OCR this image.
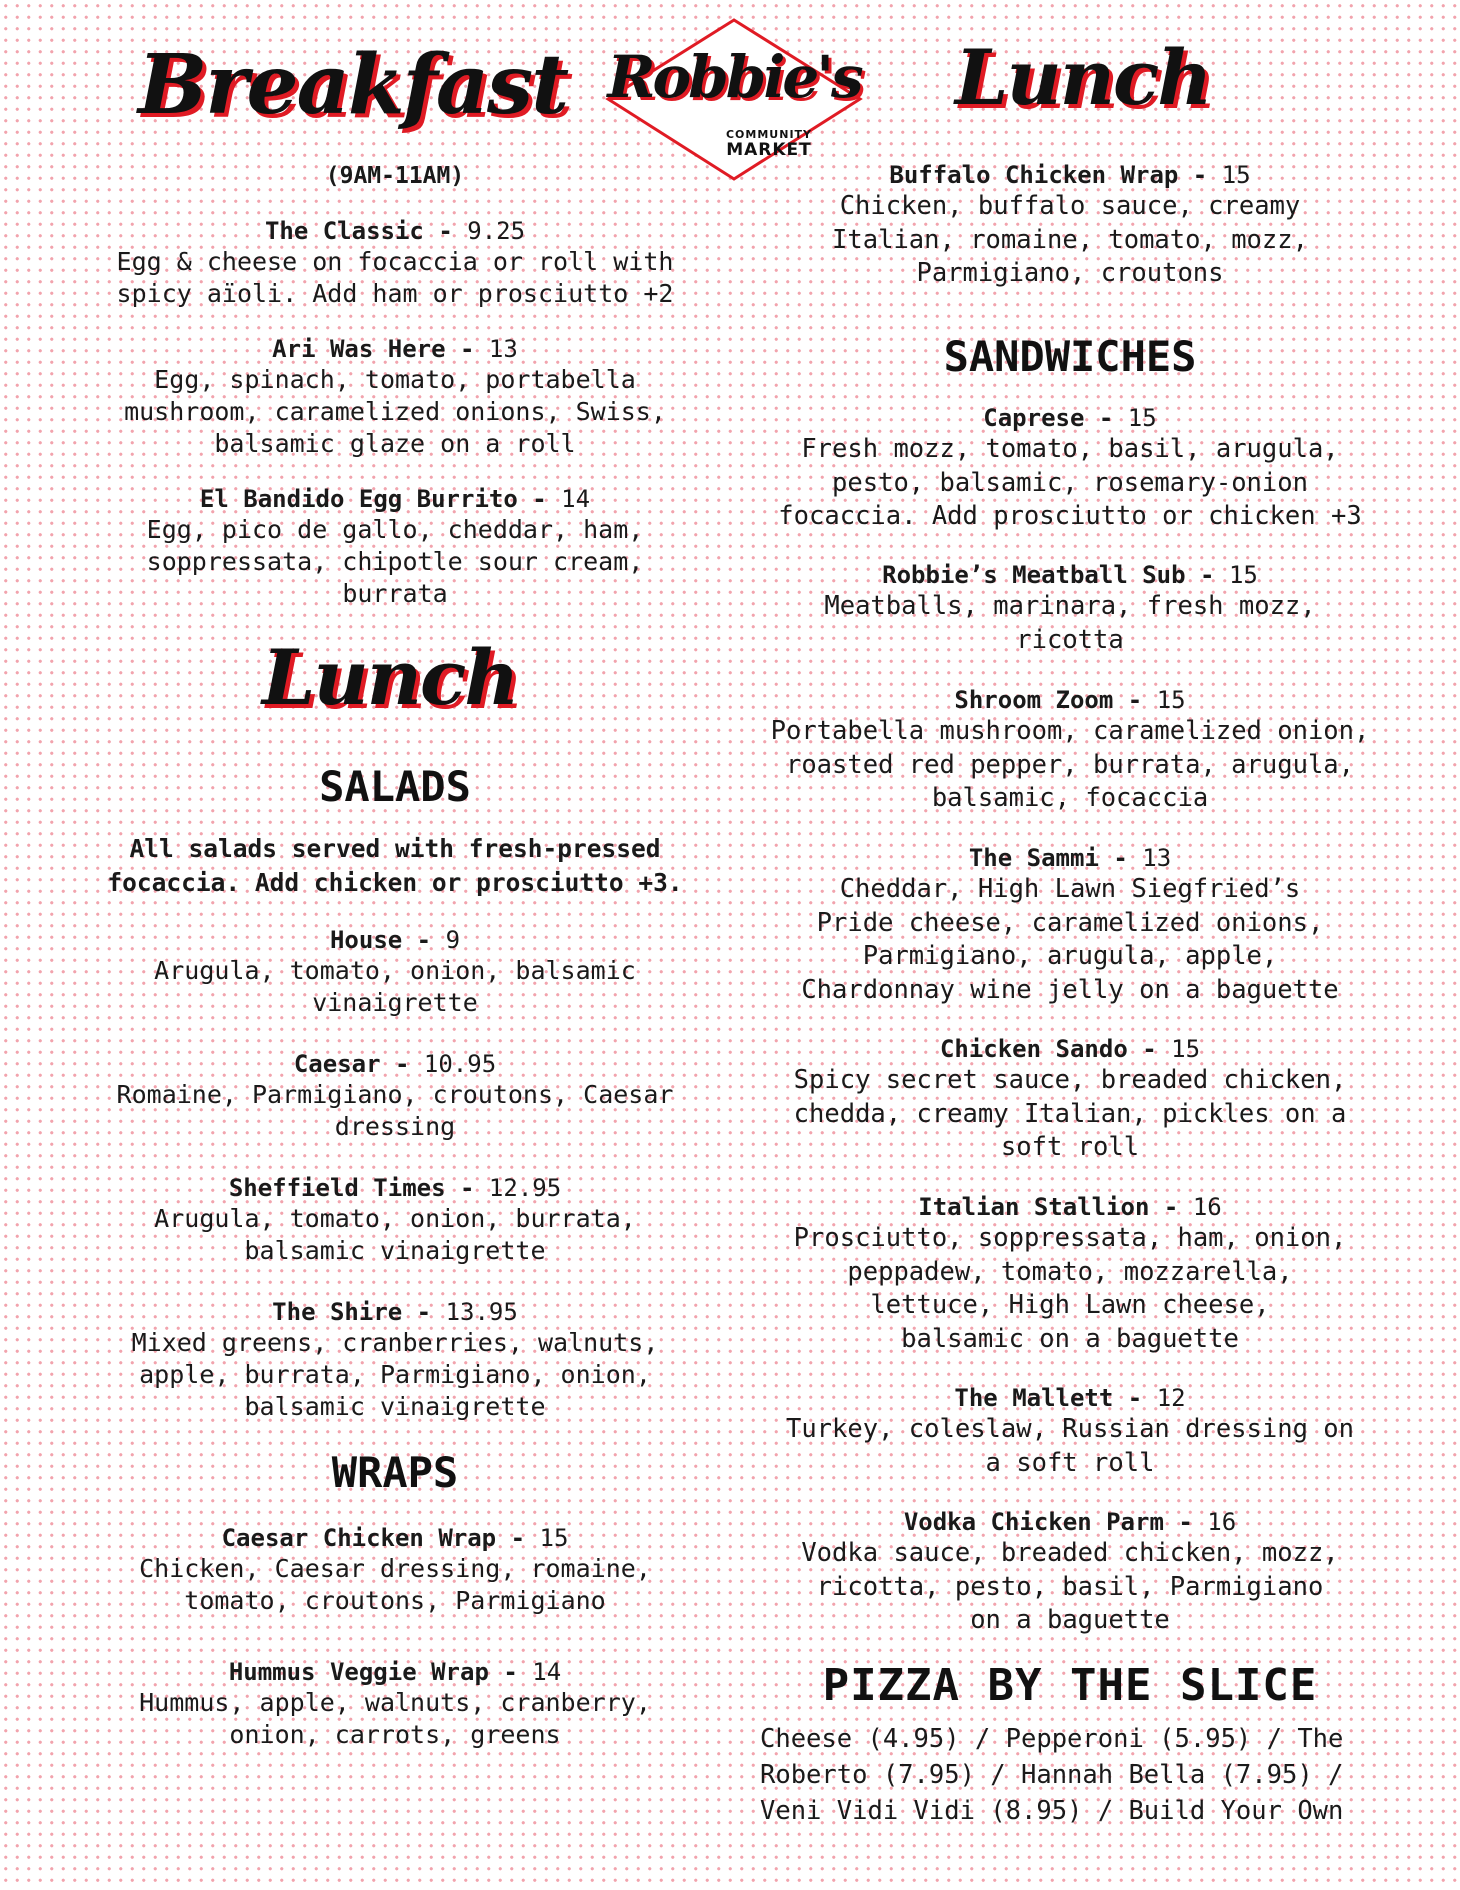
Breakfast	Lunch
Lunch
Robbie's
COMMUNITY
MARKET
(9AM-11AM)
SALADS
All salads served with fresh-pressed
focaccia. Add chicken or prosciutto +3.
WRAPS
SANDWICHES
PIZZA BY THE SLICE
Cheese (4.95) / Pepperoni (5.95) / The
Roberto (7.95) / Hannah Bella (7.95) /
Veni Vidi Vidi (8.95) / Build Your Own
The Classic - 9.25
Egg & cheese on focaccia or roll with
spicy aïoli. Add ham or prosciutto +2
Ari Was Here - 13
Egg, spinach, tomato, portabella
mushroom, caramelized onions, Swiss,
balsamic glaze on a roll
El Bandido Egg Burrito - 14
Egg, pico de gallo, cheddar, ham,
soppressata, chipotle sour cream,
burrata
House - 9
Arugula, tomato, onion, balsamic
vinaigrette
Caesar - 10.95
Romaine, Parmigiano, croutons, Caesar
dressing
Sheffield Times - 12.95
Arugula, tomato, onion, burrata,
balsamic vinaigrette
The Shire - 13.95
Mixed greens, cranberries, walnuts,
apple, burrata, Parmigiano, onion,
balsamic vinaigrette
Caesar Chicken Wrap - 15
Chicken, Caesar dressing, romaine,
tomato, croutons, Parmigiano
Hummus Veggie Wrap - 14
Hummus, apple, walnuts, cranberry,
onion, carrots, greens
Buffalo Chicken Wrap - 15
Chicken, buffalo sauce, creamy
Italian, romaine, tomato, mozz,
Parmigiano, croutons
Caprese - 15
Fresh mozz, tomato, basil, arugula,
pesto, balsamic, rosemary-onion
focaccia. Add prosciutto or chicken +3
Robbie’s Meatball Sub - 15
Meatballs, marinara, fresh mozz,
ricotta
Shroom Zoom - 15
Portabella mushroom, caramelized onion,
roasted red pepper, burrata, arugula,
balsamic, focaccia
The Sammi - 13
Cheddar, High Lawn Siegfried’s
Pride cheese, caramelized onions,
Parmigiano, arugula, apple,
Chardonnay wine jelly on a baguette
Chicken Sando - 15
Spicy secret sauce, breaded chicken,
chedda, creamy Italian, pickles on a
soft roll
Italian Stallion - 16
Prosciutto, soppressata, ham, onion,
peppadew, tomato, mozzarella,
lettuce, High Lawn cheese,
balsamic on a baguette
The Mallett - 12
Turkey, coleslaw, Russian dressing on
a soft roll
Vodka Chicken Parm - 16
Vodka sauce, breaded chicken, mozz,
ricotta, pesto, basil, Parmigiano
on a baguette
